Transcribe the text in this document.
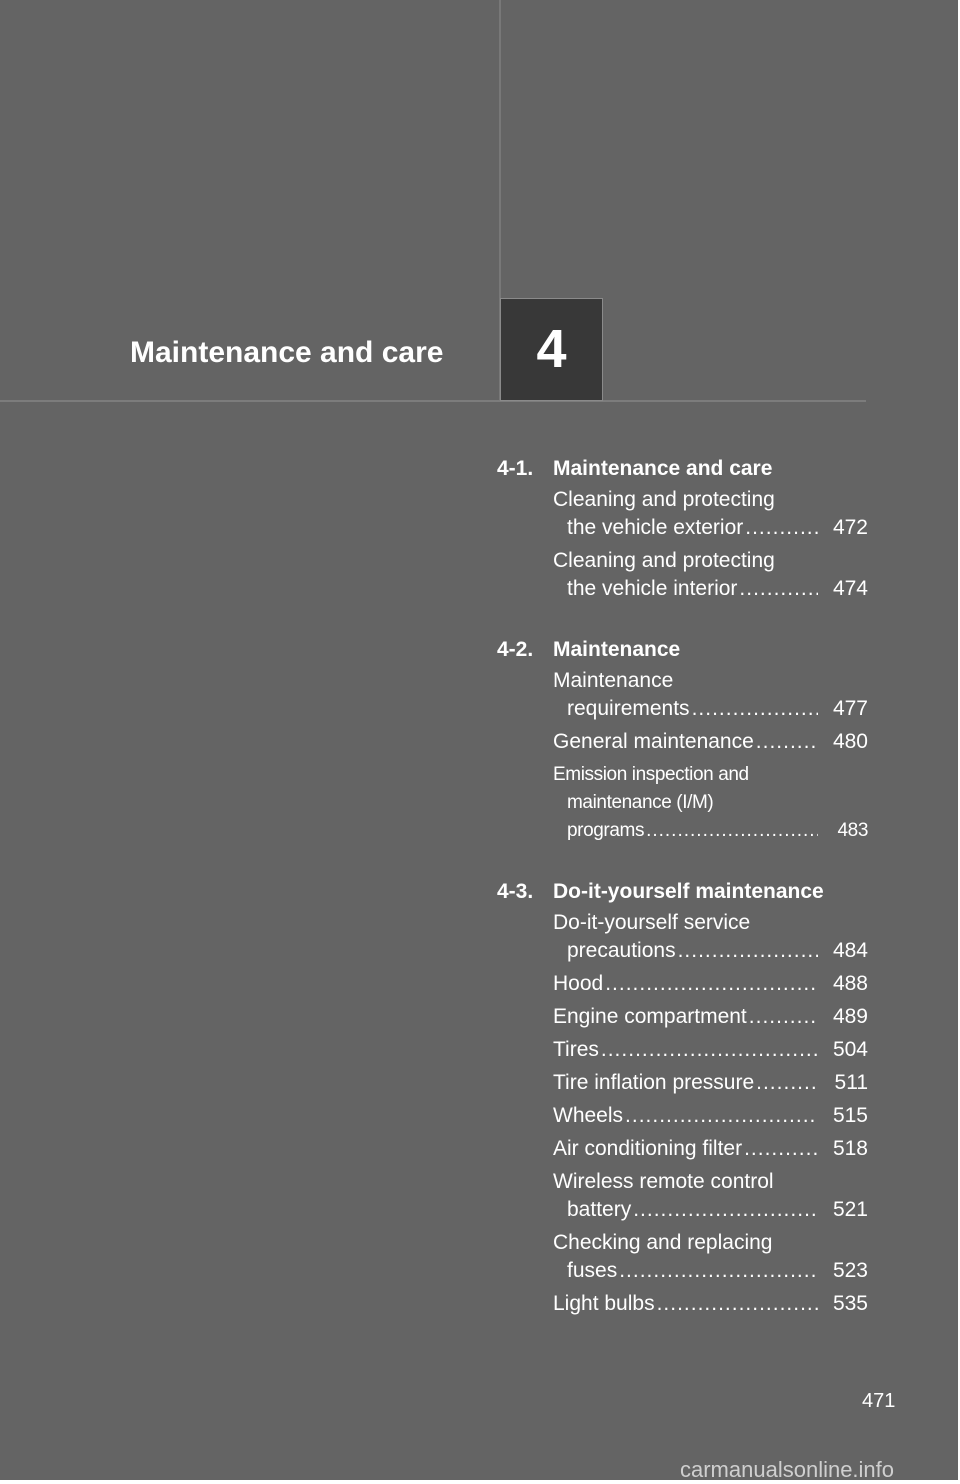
Maintenance and care	4
4-1. Maintenance and care
Cleaning and protecting
the vehicle exterior .....	472
Cleaning and protecting
the vehicle interior .....	474
4-2. Maintenance
Maintenance
requirements .....	477
General maintenance .....	480
Emission inspection and
maintenance (I/M)
programs .....	483
4-3. Do-it-yourself maintenance
Do-it-yourself service
precautions .....	484
Hood .....	488
Engine compartment .....	489
Tires .....	504
Tire inflation pressure .....	511
Wheels .....	515
Air conditioning filter .....	518
Wireless remote control
battery .....	521
Checking and replacing
fuses .....	523
Light bulbs .....	535
471
carmanualsonline.info
